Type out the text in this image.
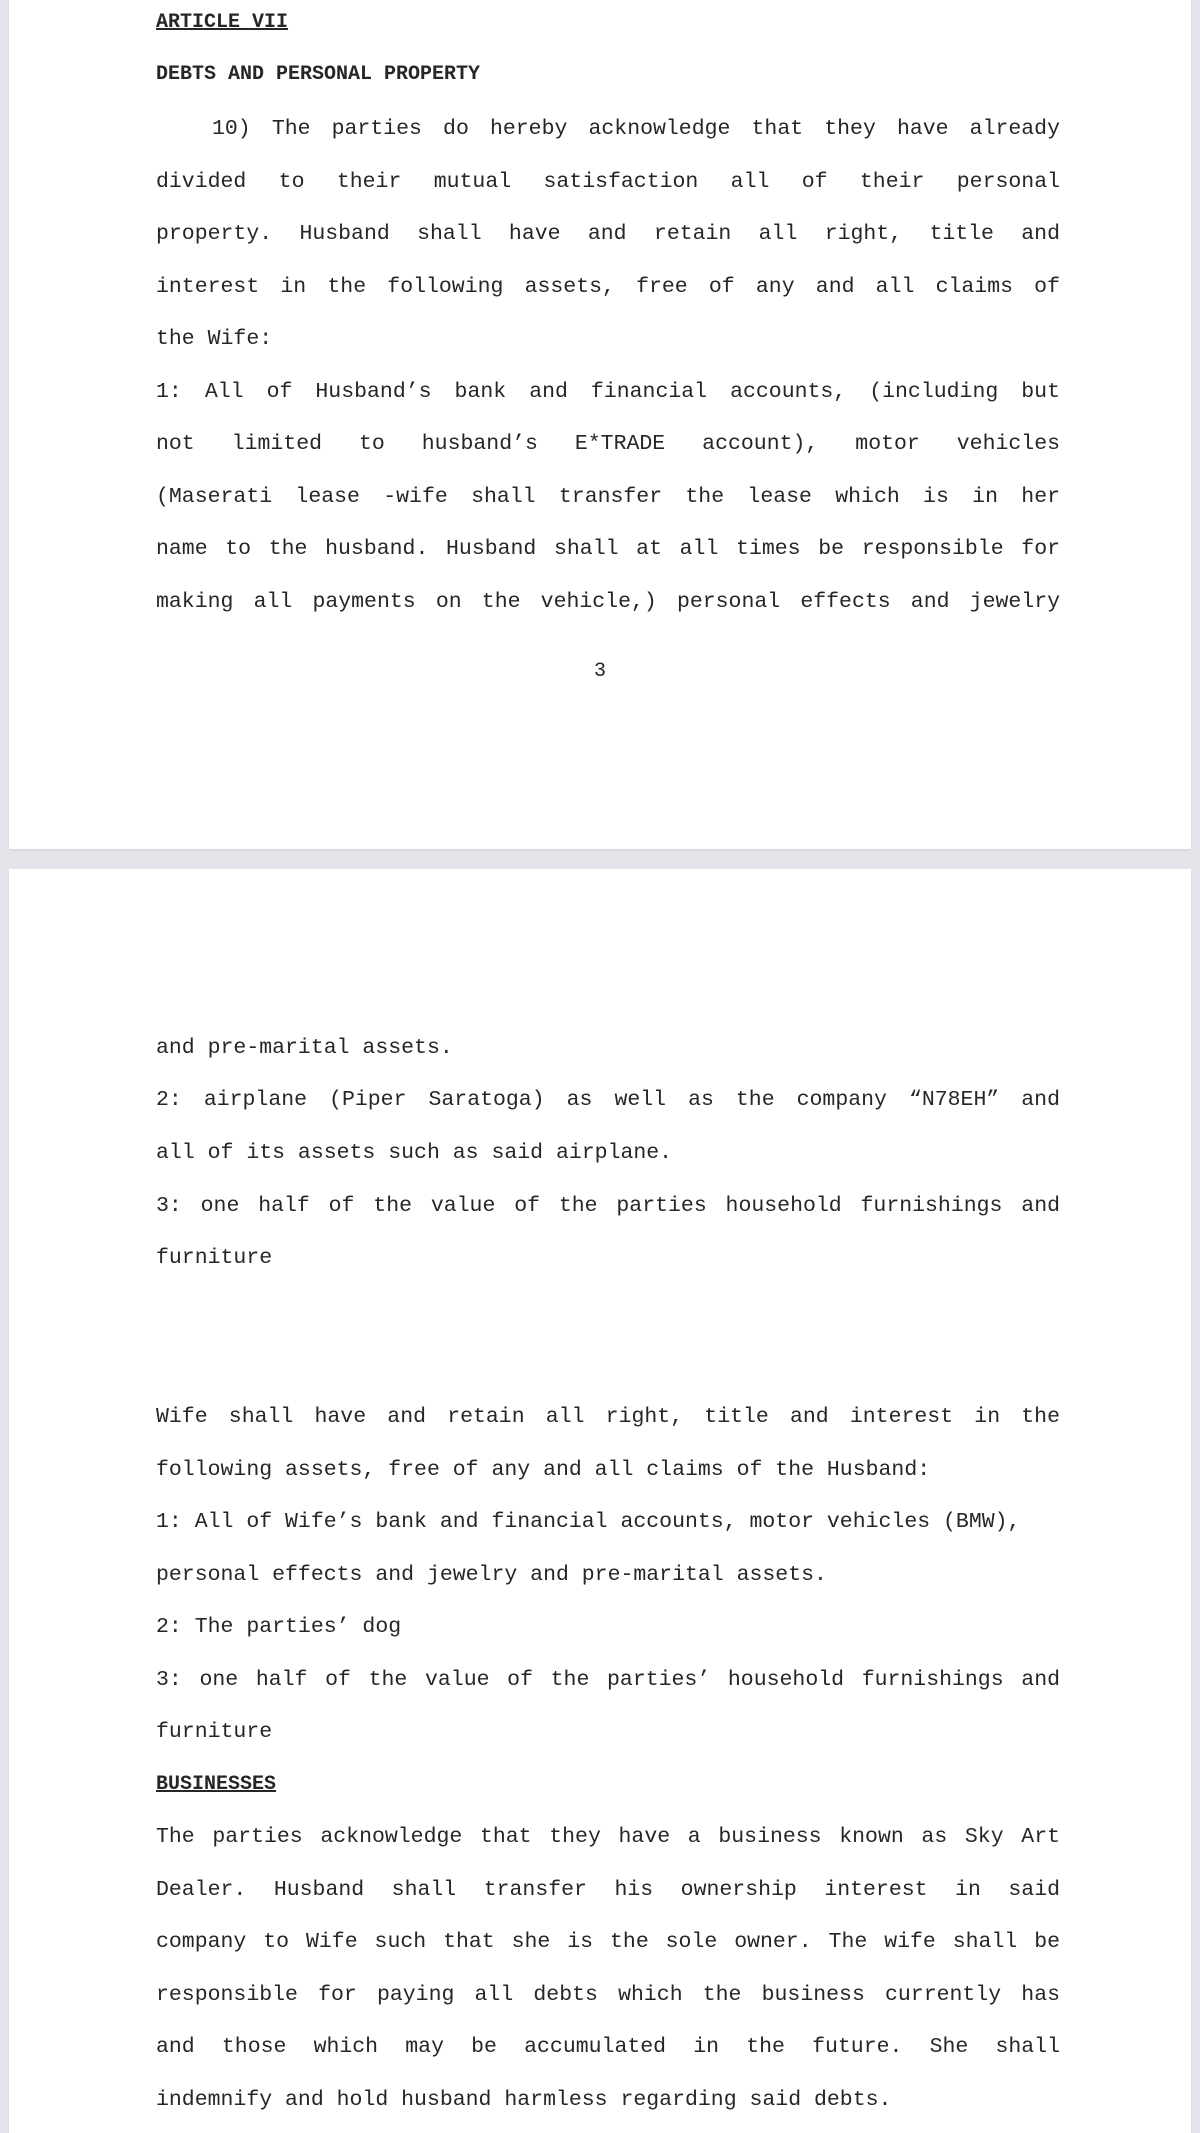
ARTICLE VII
DEBTS AND PERSONAL PROPERTY
10) The parties do hereby acknowledge that they have already
divided to their mutual satisfaction all of their personal
property. Husband shall have and retain all right, title and
interest in the following assets, free of any and all claims of
the Wife:
1: All of Husband’s bank and financial accounts, (including but
not limited to husband’s E*TRADE account), motor vehicles
(Maserati lease -wife shall transfer the lease which is in her
name to the husband. Husband shall at all times be responsible for
making all payments on the vehicle,) personal effects and jewelry
3
and pre-marital assets.
2: airplane (Piper Saratoga) as well as the company “N78EH” and
all of its assets such as said airplane.
3: one half of the value of the parties household furnishings and
furniture
Wife shall have and retain all right, title and interest in the
following assets, free of any and all claims of the Husband:
1: All of Wife’s bank and financial accounts, motor vehicles (BMW),
personal effects and jewelry and pre-marital assets.
2: The parties’ dog
3: one half of the value of the parties’ household furnishings and
furniture
BUSINESSES
The parties acknowledge that they have a business known as Sky Art
Dealer. Husband shall transfer his ownership interest in said
company to Wife such that she is the sole owner. The wife shall be
responsible for paying all debts which the business currently has
and those which may be accumulated in the future. She shall
indemnify and hold husband harmless regarding said debts.
